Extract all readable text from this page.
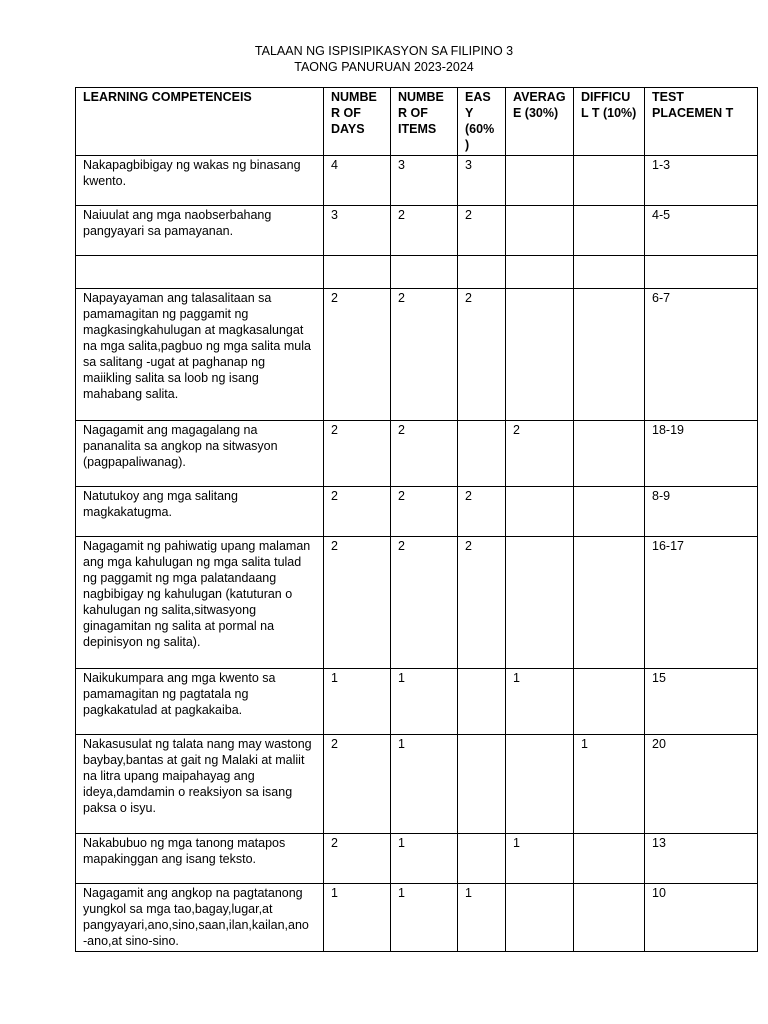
TALAAN NG ISPISIPIKASYON SA FILIPINO 3
TAONG PANURUAN 2023-2024
LEARNING COMPETENCEIS	NUMBE R OF DAYS	NUMBE R OF ITEMS	EASY (60% )	AVERAG E (30%)	DIFFICUL T (10%)	TEST PLACEMEN T
Nakapagbibigay ng wakas ng binasang kwento.	4	3	3			1-3
Naiuulat ang mga naobserbahang pangyayari sa pamayanan.	3	2	2			4-5

Napayayaman ang talasalitaan sa pamamagitan ng paggamit ng magkasingkahulugan at magkasalungat na mga salita,pagbuo ng mga salita mula sa salitang -ugat at paghanap ng maiikling salita sa loob ng isang mahabang salita.	2	2	2			6-7
Nagagamit ang magagalang na pananalita sa angkop na sitwasyon (pagpapaliwanag).	2	2		2		18-19
Natutukoy ang mga salitang magkakatugma.	2	2	2			8-9
Nagagamit ng pahiwatig upang malaman ang mga kahulugan ng mga salita tulad ng paggamit ng mga palatandaang nagbibigay ng kahulugan (katuturan o kahulugan ng salita,sitwasyong ginagamitan ng salita at pormal na depinisyon ng salita).	2	2	2			16-17
Naikukumpara ang mga kwento sa pamamagitan ng pagtatala ng pagkakatulad at pagkakaiba.	1	1		1		15
Nakasusulat ng talata nang may wastong baybay,bantas at gait ng Malaki at maliit na litra upang maipahayag ang ideya,damdamin o reaksiyon sa isang paksa o isyu.	2	1			1	20
Nakabubuo ng mga tanong matapos mapakinggan ang isang teksto.	2	1		1		13
Nagagamit ang angkop na pagtatanong yungkol sa mga tao,bagay,lugar,at pangyayari,ano,sino,saan,ilan,kailan,ano -ano,at sino-sino.	1	1	1			10
